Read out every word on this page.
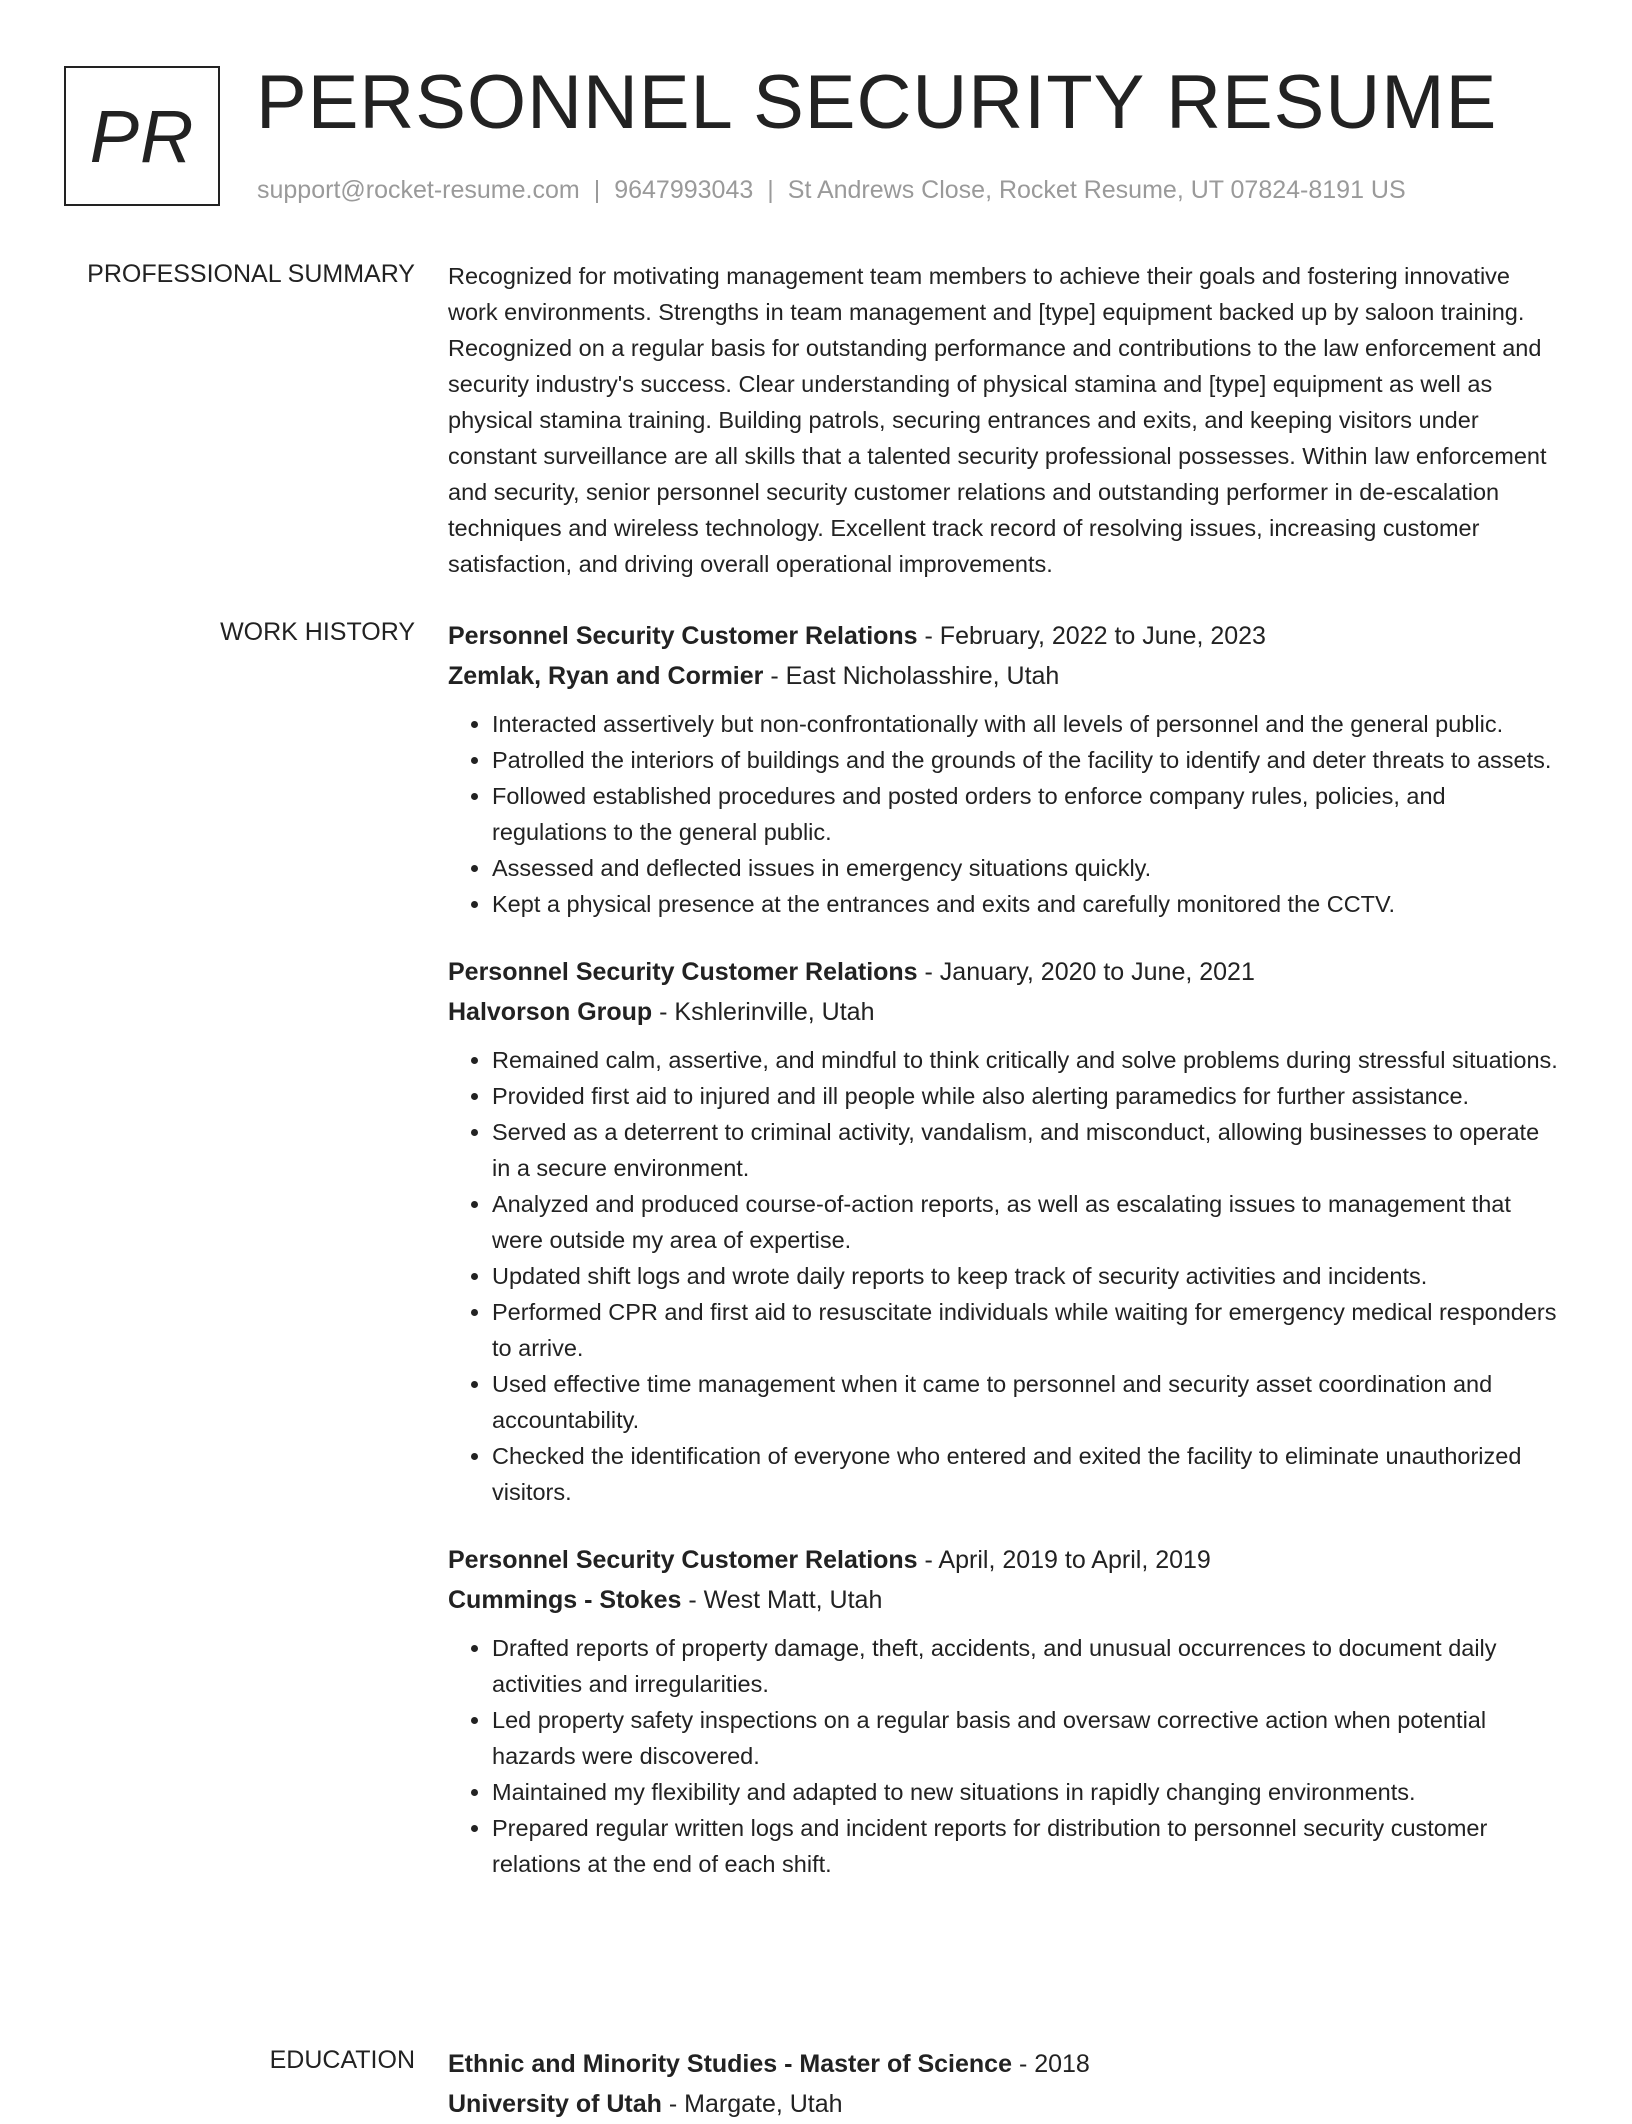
PR PERSONNEL SECURITY RESUME
support@rocket-resume.com | 9647993043 | St Andrews Close, Rocket Resume, UT 07824-8191 US
PROFESSIONAL SUMMARY Recognized for motivating management team members to achieve their goals and fostering innovative work environments. Strengths in team management and [type] equipment backed up by saloon training. Recognized on a regular basis for outstanding performance and contributions to the law enforcement and security industry's success. Clear understanding of physical stamina and [type] equipment as well as physical stamina training. Building patrols, securing entrances and exits, and keeping visitors under constant surveillance are all skills that a talented security professional possesses. Within law enforcement and security, senior personnel security customer relations and outstanding performer in de-escalation techniques and wireless technology. Excellent track record of resolving issues, increasing customer satisfaction, and driving overall operational improvements.

WORK HISTORY Personnel Security Customer Relations - February, 2022 to June, 2023
Zemlak, Ryan and Cormier - East Nicholasshire, Utah
• Interacted assertively but non-confrontationally with all levels of personnel and the general public.
• Patrolled the interiors of buildings and the grounds of the facility to identify and deter threats to assets.
• Followed established procedures and posted orders to enforce company rules, policies, and regulations to the general public.
• Assessed and deflected issues in emergency situations quickly.
• Kept a physical presence at the entrances and exits and carefully monitored the CCTV.
Personnel Security Customer Relations - January, 2020 to June, 2021
Halvorson Group - Kshlerinville, Utah
• Remained calm, assertive, and mindful to think critically and solve problems during stressful situations.
• Provided first aid to injured and ill people while also alerting paramedics for further assistance.
• Served as a deterrent to criminal activity, vandalism, and misconduct, allowing businesses to operate in a secure environment.
• Analyzed and produced course-of-action reports, as well as escalating issues to management that were outside my area of expertise.
• Updated shift logs and wrote daily reports to keep track of security activities and incidents.
• Performed CPR and first aid to resuscitate individuals while waiting for emergency medical responders to arrive.
• Used effective time management when it came to personnel and security asset coordination and accountability.
• Checked the identification of everyone who entered and exited the facility to eliminate unauthorized visitors.
Personnel Security Customer Relations - April, 2019 to April, 2019
Cummings - Stokes - West Matt, Utah
• Drafted reports of property damage, theft, accidents, and unusual occurrences to document daily activities and irregularities.
• Led property safety inspections on a regular basis and oversaw corrective action when potential hazards were discovered.
• Maintained my flexibility and adapted to new situations in rapidly changing environments.
• Prepared regular written logs and incident reports for distribution to personnel security customer relations at the end of each shift.
EDUCATION Ethnic and Minority Studies - Master of Science - 2018
University of Utah - Margate, Utah
